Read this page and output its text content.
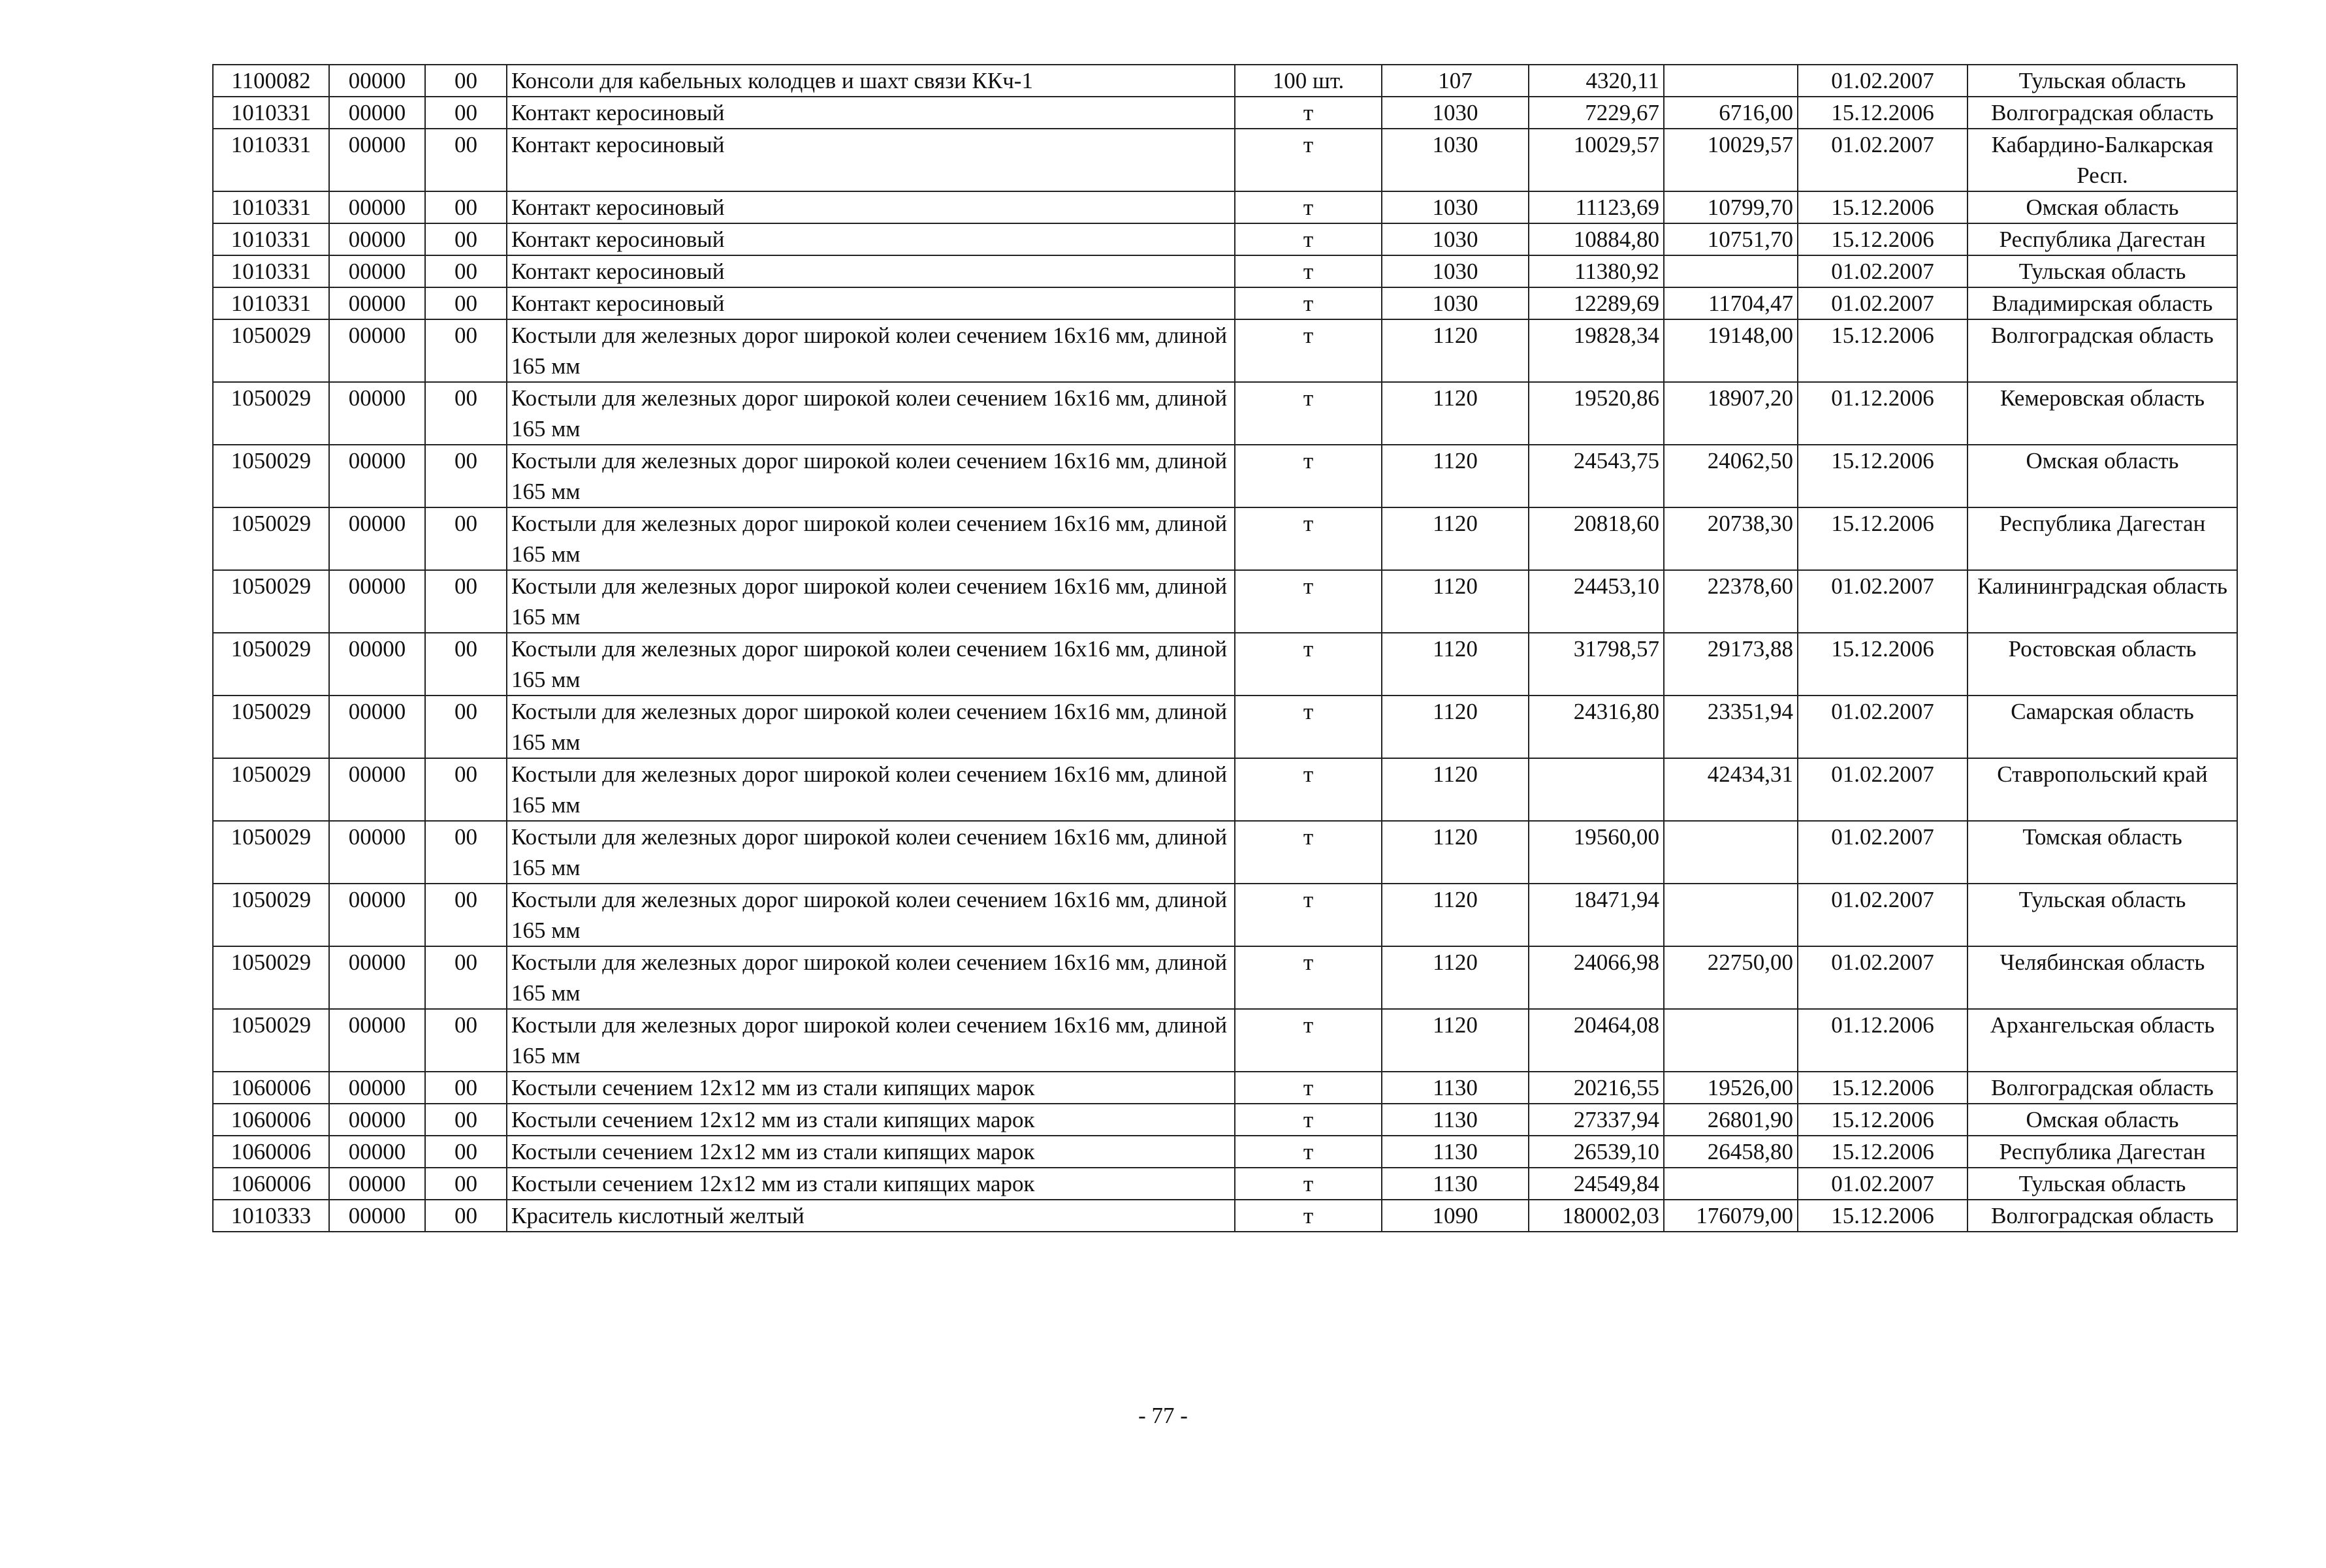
1100082	00000	00	Консоли для кабельных колодцев и шахт связи ККч-1	100 шт.	107	4320,11		01.02.2007	Тульская область
1010331	00000	00	Контакт керосиновый	т	1030	7229,67	6716,00	15.12.2006	Волгоградская область
1010331	00000	00	Контакт керосиновый	т	1030	10029,57	10029,57	01.02.2007	Кабардино-Балкарская Респ.
1010331	00000	00	Контакт керосиновый	т	1030	11123,69	10799,70	15.12.2006	Омская область
1010331	00000	00	Контакт керосиновый	т	1030	10884,80	10751,70	15.12.2006	Республика Дагестан
1010331	00000	00	Контакт керосиновый	т	1030	11380,92		01.02.2007	Тульская область
1010331	00000	00	Контакт керосиновый	т	1030	12289,69	11704,47	01.02.2007	Владимирская область
1050029	00000	00	Костыли для железных дорог широкой колеи сечением 16х16 мм, длиной 165 мм	т	1120	19828,34	19148,00	15.12.2006	Волгоградская область
1050029	00000	00	Костыли для железных дорог широкой колеи сечением 16х16 мм, длиной 165 мм	т	1120	19520,86	18907,20	01.12.2006	Кемеровская область
1050029	00000	00	Костыли для железных дорог широкой колеи сечением 16х16 мм, длиной 165 мм	т	1120	24543,75	24062,50	15.12.2006	Омская область
1050029	00000	00	Костыли для железных дорог широкой колеи сечением 16х16 мм, длиной 165 мм	т	1120	20818,60	20738,30	15.12.2006	Республика Дагестан
1050029	00000	00	Костыли для железных дорог широкой колеи сечением 16х16 мм, длиной 165 мм	т	1120	24453,10	22378,60	01.02.2007	Калининградская область
1050029	00000	00	Костыли для железных дорог широкой колеи сечением 16х16 мм, длиной 165 мм	т	1120	31798,57	29173,88	15.12.2006	Ростовская область
1050029	00000	00	Костыли для железных дорог широкой колеи сечением 16х16 мм, длиной 165 мм	т	1120	24316,80	23351,94	01.02.2007	Самарская область
1050029	00000	00	Костыли для железных дорог широкой колеи сечением 16х16 мм, длиной 165 мм	т	1120		42434,31	01.02.2007	Ставропольский край
1050029	00000	00	Костыли для железных дорог широкой колеи сечением 16х16 мм, длиной 165 мм	т	1120	19560,00		01.02.2007	Томская область
1050029	00000	00	Костыли для железных дорог широкой колеи сечением 16х16 мм, длиной 165 мм	т	1120	18471,94		01.02.2007	Тульская область
1050029	00000	00	Костыли для железных дорог широкой колеи сечением 16х16 мм, длиной 165 мм	т	1120	24066,98	22750,00	01.02.2007	Челябинская область
1050029	00000	00	Костыли для железных дорог широкой колеи сечением 16х16 мм, длиной 165 мм	т	1120	20464,08		01.12.2006	Архангельская область
1060006	00000	00	Костыли сечением 12х12 мм из стали кипящих марок	т	1130	20216,55	19526,00	15.12.2006	Волгоградская область
1060006	00000	00	Костыли сечением 12х12 мм из стали кипящих марок	т	1130	27337,94	26801,90	15.12.2006	Омская область
1060006	00000	00	Костыли сечением 12х12 мм из стали кипящих марок	т	1130	26539,10	26458,80	15.12.2006	Республика Дагестан
1060006	00000	00	Костыли сечением 12х12 мм из стали кипящих марок	т	1130	24549,84		01.02.2007	Тульская область
1010333	00000	00	Краситель кислотный желтый	т	1090	180002,03	176079,00	15.12.2006	Волгоградская область
- 77 -
